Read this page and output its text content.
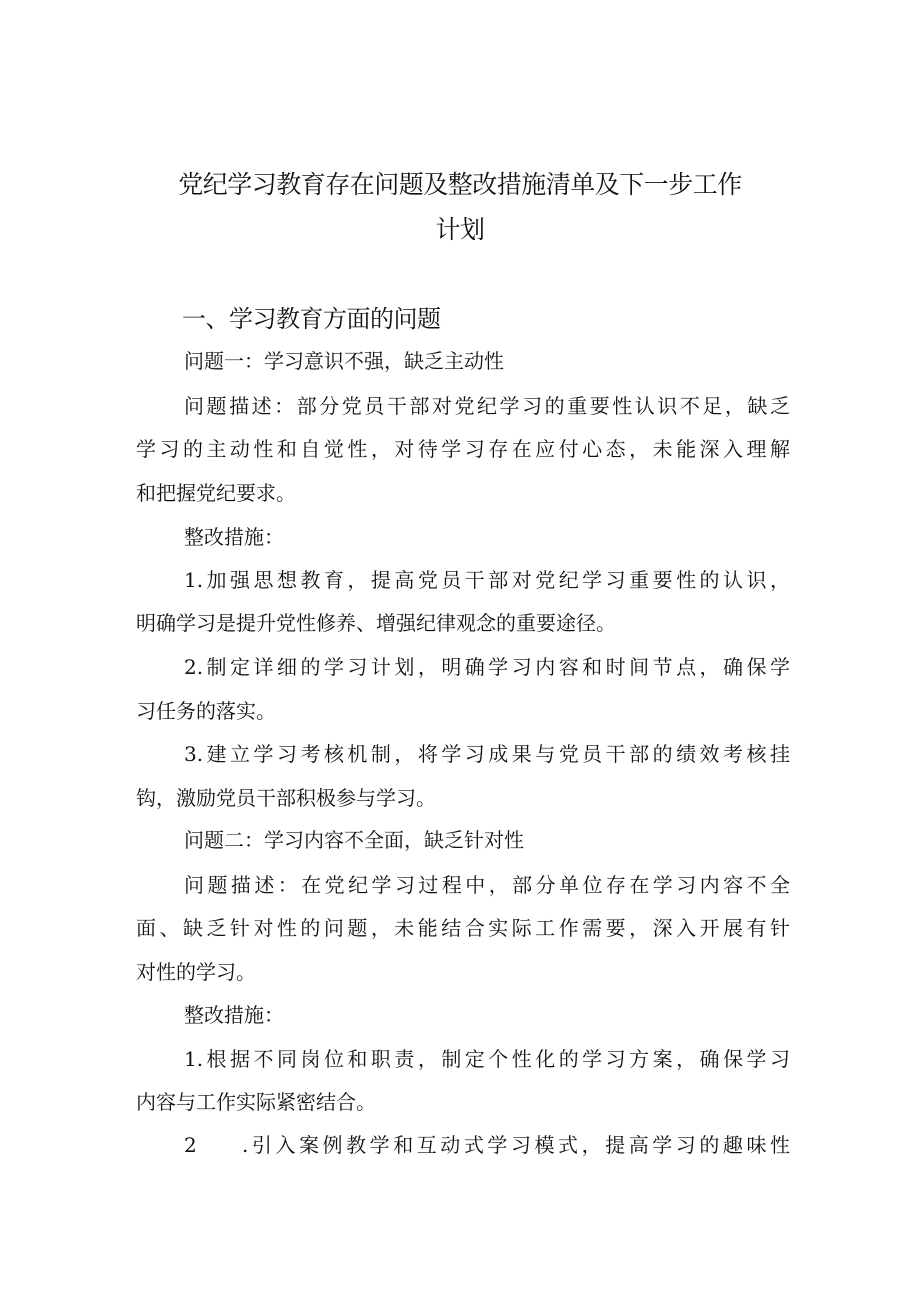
党纪学习教育存在问题及整改措施清单及下一步工作
计划
一、学习教育方面的问题
问题一：学习意识不强，缺乏主动性
问题描述：部分党员干部对党纪学习的重要性认识不足，缺乏
学习的主动性和自觉性，对待学习存在应付心态，未能深入理解
和把握党纪要求。
整改措施：
1.加强思想教育，提高党员干部对党纪学习重要性的认识，
明确学习是提升党性修养、增强纪律观念的重要途径。
2.制定详细的学习计划，明确学习内容和时间节点，确保学
习任务的落实。
3.建立学习考核机制，将学习成果与党员干部的绩效考核挂
钩，激励党员干部积极参与学习。
问题二：学习内容不全面，缺乏针对性
问题描述：在党纪学习过程中，部分单位存在学习内容不全
面、缺乏针对性的问题，未能结合实际工作需要，深入开展有针
对性的学习。
整改措施：
1.根据不同岗位和职责，制定个性化的学习方案，确保学习
内容与工作实际紧密结合。
2 .引入案例教学和互动式学习模式，提高学习的趣味性
